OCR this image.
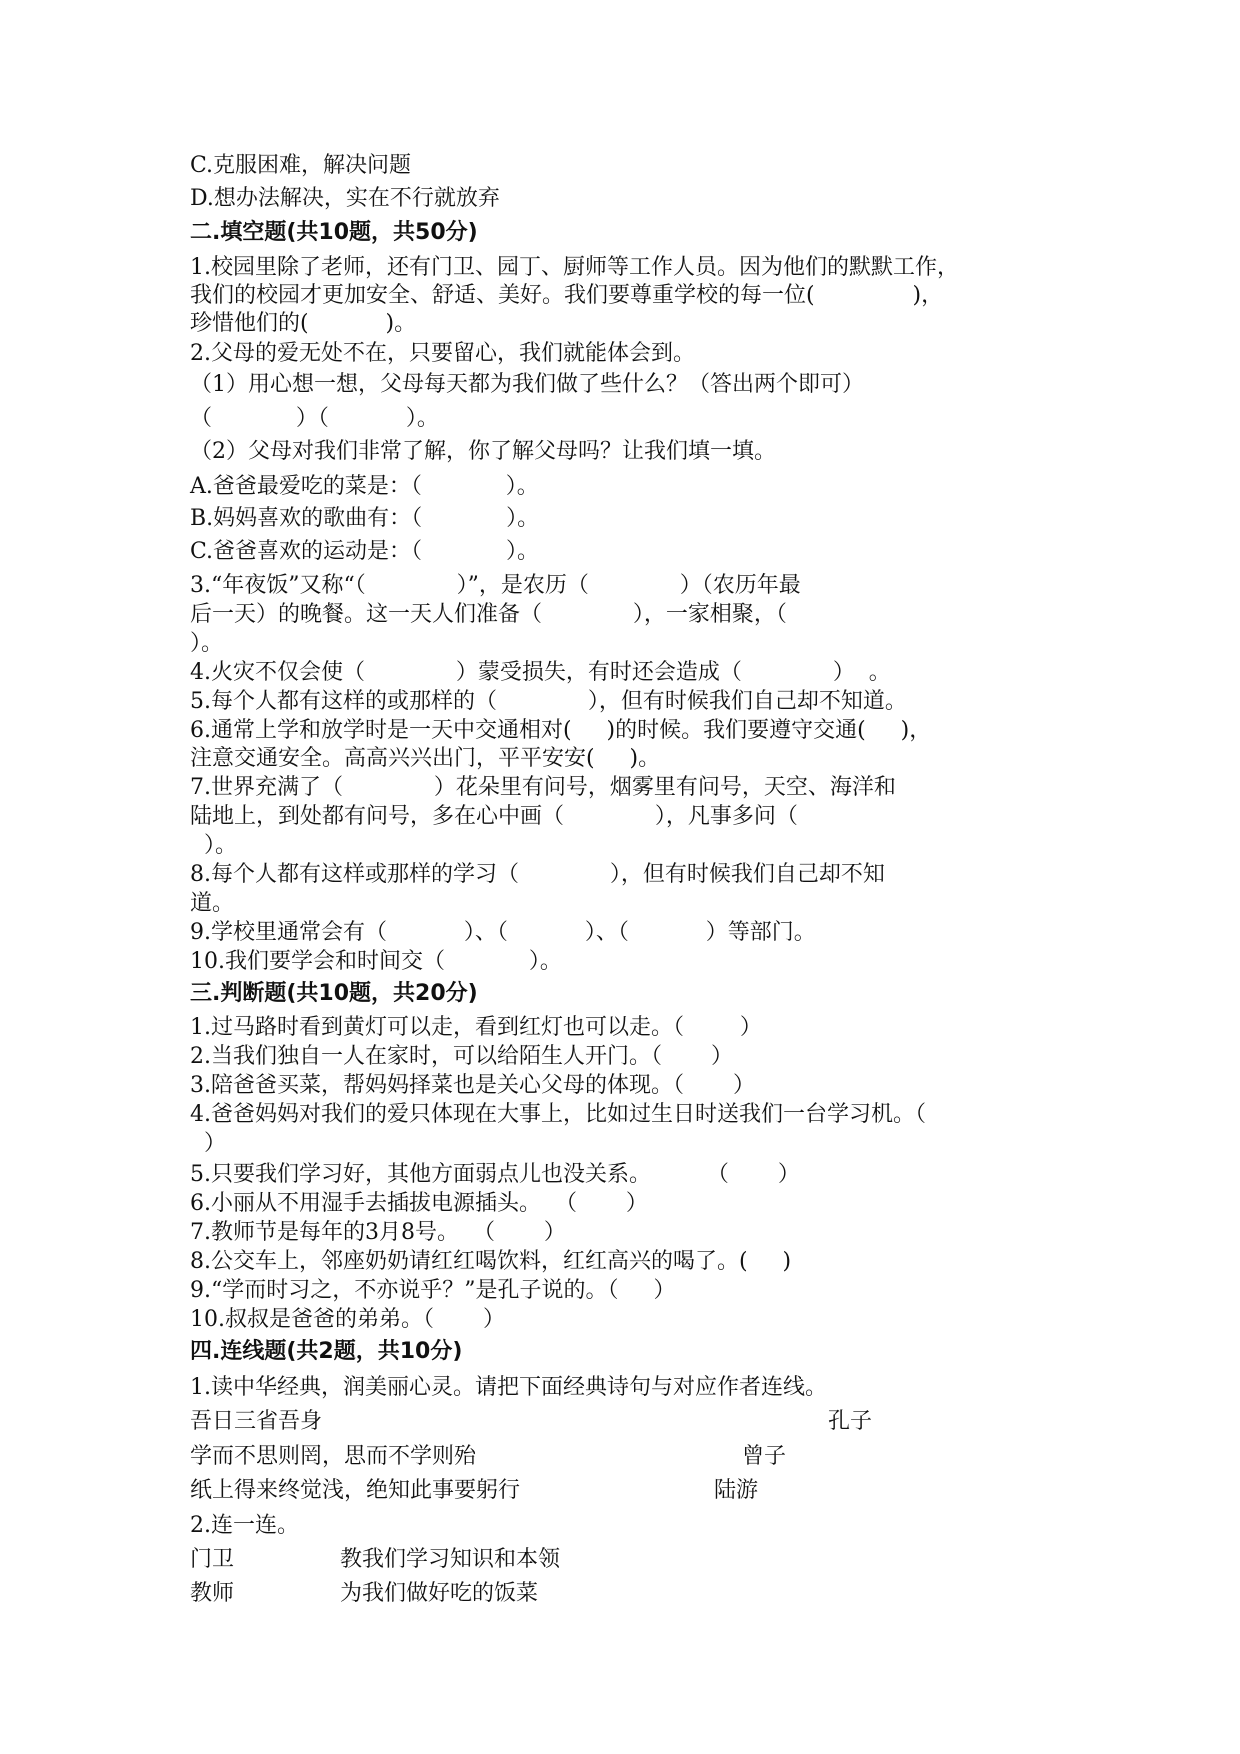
C.克服困难，解决问题

D.想办法解决，实在不行就放弃

二.填空题(共10题，共50分)

1.校园里除了老师，还有门卫、园丁、厨师等工作人员。因为他们的默默工作，

我们的校园才更加安全、舒适、美好。我们要尊重学校的每一位(              )，

珍惜他们的(           )。

2.父母的爱无处不在，只要留心，我们就能体会到。

（1）用心想一想，父母每天都为我们做了些什么？（答出两个即可）

（            ）（           ）。

（2）父母对我们非常了解，你了解父母吗？让我们填一填。

A.爸爸最爱吃的菜是：（            ）。

B.妈妈喜欢的歌曲有：（            ）。

C.爸爸喜欢的运动是：（            ）。

3.“年夜饭”又称“（             ）”，是农历（             ）（农历年最

后一天）的晚餐。这一天人们准备（             ），一家相聚，（

）。

4.火灾不仅会使（             ）蒙受损失，有时还会造成（             ）  。

5.每个人都有这样的或那样的（             ），但有时候我们自己却不知道。

6.通常上学和放学时是一天中交通相对(     )的时候。我们要遵守交通(     )，

注意交通安全。高高兴兴出门，平平安安(     )。

7.世界充满了（             ）花朵里有问号，烟雾里有问号，天空、海洋和

陆地上，到处都有问号，多在心中画（             ），凡事多问（

）。

8.每个人都有这样或那样的学习（             ），但有时候我们自己却不知

道。

9.学校里通常会有（           ）、（           ）、（           ）等部门。

10.我们要学会和时间交（            ）。

三.判断题(共10题，共20分)

1.过马路时看到黄灯可以走，看到红灯也可以走。（        ）

2.当我们独自一人在家时，可以给陌生人开门。（       ）

3.陪爸爸买菜，帮妈妈择菜也是关心父母的体现。（       ）

4.爸爸妈妈对我们的爱只体现在大事上，比如过生日时送我们一台学习机。（

）

5.只要我们学习好，其他方面弱点儿也没关系。        （       ）

6.小丽从不用湿手去插拔电源插头。  （       ）

7.教师节是每年的3月8号。  （       ）

8.公交车上，邻座奶奶请红红喝饮料，红红高兴的喝了。(     )

9.“学而时习之，不亦说乎？”是孔子说的。（     ）

10.叔叔是爸爸的弟弟。（       ）

四.连线题(共2题，共10分)

1.读中华经典，润美丽心灵。请把下面经典诗句与对应作者连线。

吾日三省吾身	孔子

学而不思则罔，思而不学则殆	曾子

纸上得来终觉浅，绝知此事要躬行	陆游

2.连一连。

门卫	教我们学习知识和本领

教师	为我们做好吃的饭菜
